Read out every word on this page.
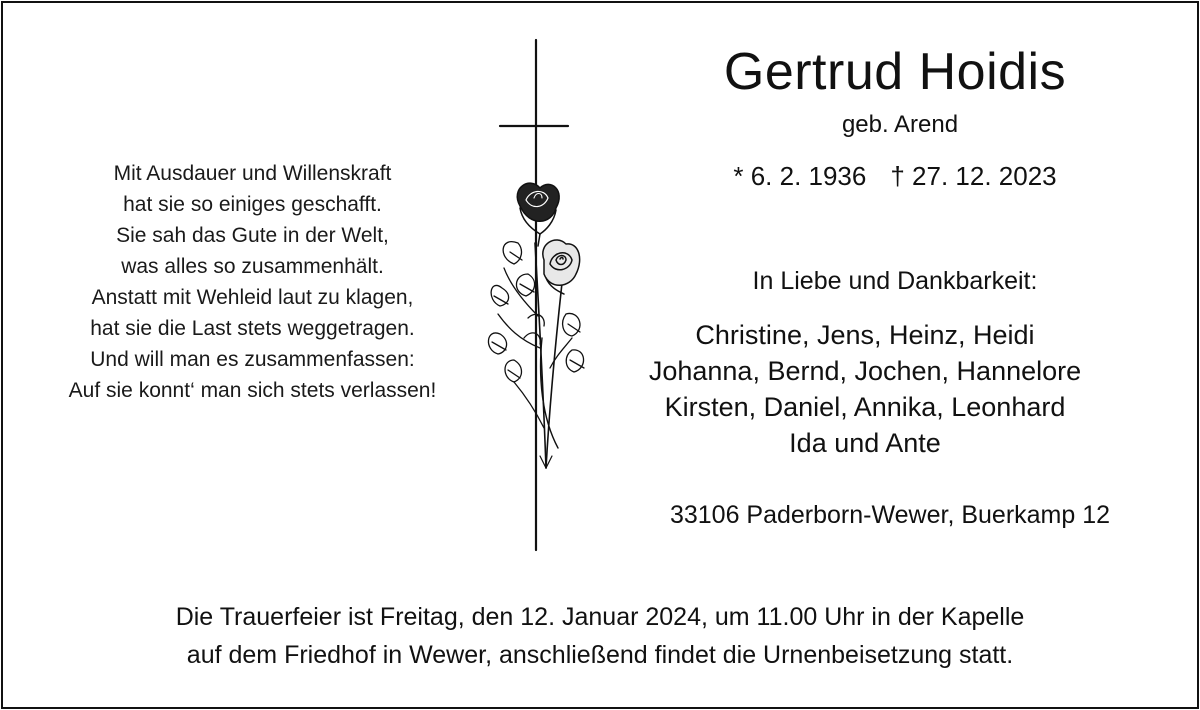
Mit Ausdauer und Willenskraft
hat sie so einiges geschafft.
Sie sah das Gute in der Welt,
was alles so zusammenhält.
Anstatt mit Wehleid laut zu klagen,
hat sie die Last stets weggetragen.
Und will man es zusammenfassen:
Auf sie konnt‘ man sich stets verlassen!
Gertrud Hoidis
geb. Arend
* 6. 2. 1936 † 27. 12. 2023
In Liebe und Dankbarkeit:
Christine, Jens, Heinz, Heidi
Johanna, Bernd, Jochen, Hannelore
Kirsten, Daniel, Annika, Leonhard
Ida und Ante
33106 Paderborn-Wewer, Buerkamp 12
Die Trauerfeier ist Freitag, den 12. Januar 2024, um 11.00 Uhr in der Kapelle
auf dem Friedhof in Wewer, anschließend findet die Urnenbeisetzung statt.
